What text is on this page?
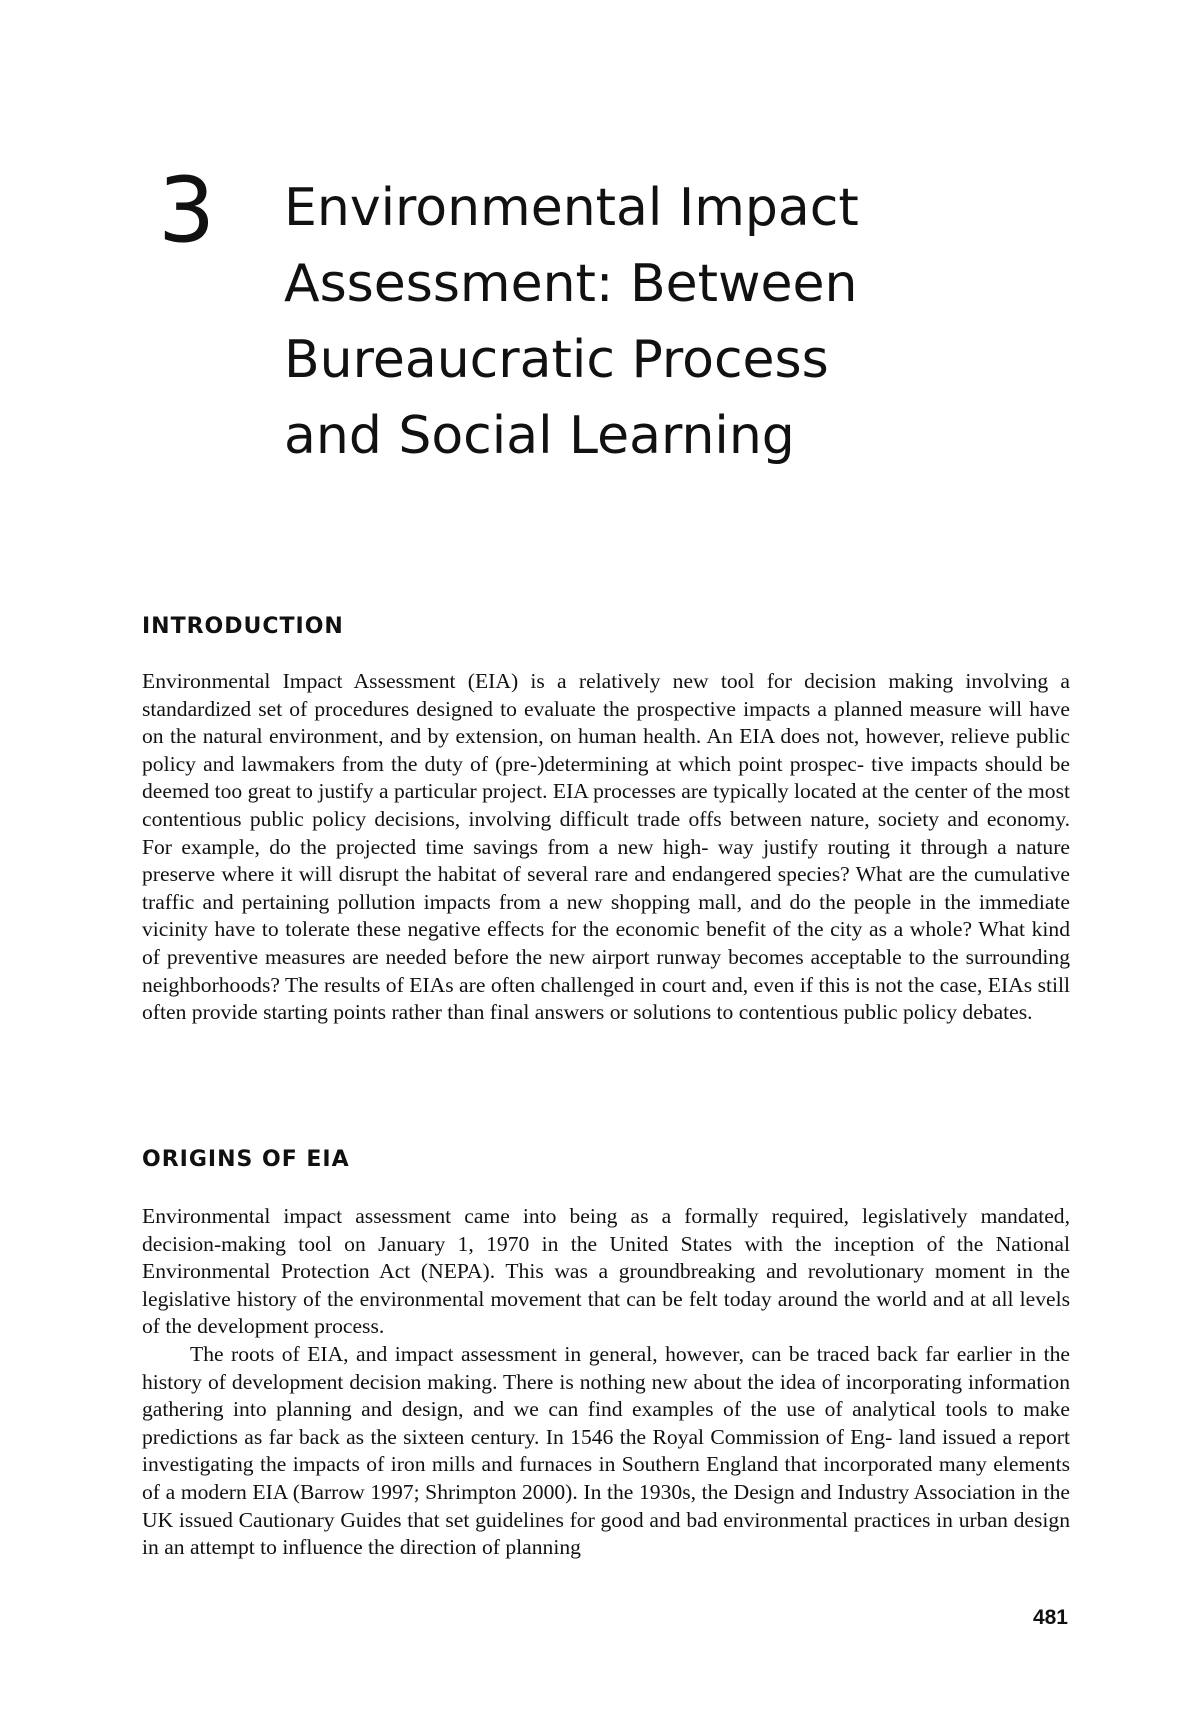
3 Environmental Impact
Assessment: Between
Bureaucratic Process
and Social Learning
INTRODUCTION

Environmental Impact Assessment (EIA) is a relatively new tool for decision making involving a standardized set of procedures designed to evaluate the prospective impacts a planned measure will have on the natural environment, and by extension, on human health. An EIA does not, however, relieve public policy and lawmakers from the duty of (pre-)determining at which point prospec- tive impacts should be deemed too great to justify a particular project. EIA processes are typically located at the center of the most contentious public policy decisions, involving difficult trade offs between nature, society and economy. For example, do the projected time savings from a new high- way justify routing it through a nature preserve where it will disrupt the habitat of several rare and endangered species? What are the cumulative traffic and pertaining pollution impacts from a new shopping mall, and do the people in the immediate vicinity have to tolerate these negative effects for the economic benefit of the city as a whole? What kind of preventive measures are needed before the new airport runway becomes acceptable to the surrounding neighborhoods? The results of EIAs are often challenged in court and, even if this is not the case, EIAs still often provide starting points rather than final answers or solutions to contentious public policy debates.

ORIGINS OF EIA

Environmental impact assessment came into being as a formally required, legislatively mandated, decision-making tool on January 1, 1970 in the United States with the inception of the National Environmental Protection Act (NEPA). This was a groundbreaking and revolutionary moment in the legislative history of the environmental movement that can be felt today around the world and at all levels of the development process.

The roots of EIA, and impact assessment in general, however, can be traced back far earlier in the history of development decision making. There is nothing new about the idea of incorporating information gathering into planning and design, and we can find examples of the use of analytical tools to make predictions as far back as the sixteen century. In 1546 the Royal Commission of Eng- land issued a report investigating the impacts of iron mills and furnaces in Southern England that incorporated many elements of a modern EIA (Barrow 1997; Shrimpton 2000). In the 1930s, the Design and Industry Association in the UK issued Cautionary Guides that set guidelines for good and bad environmental practices in urban design in an attempt to influence the direction of planning

481
